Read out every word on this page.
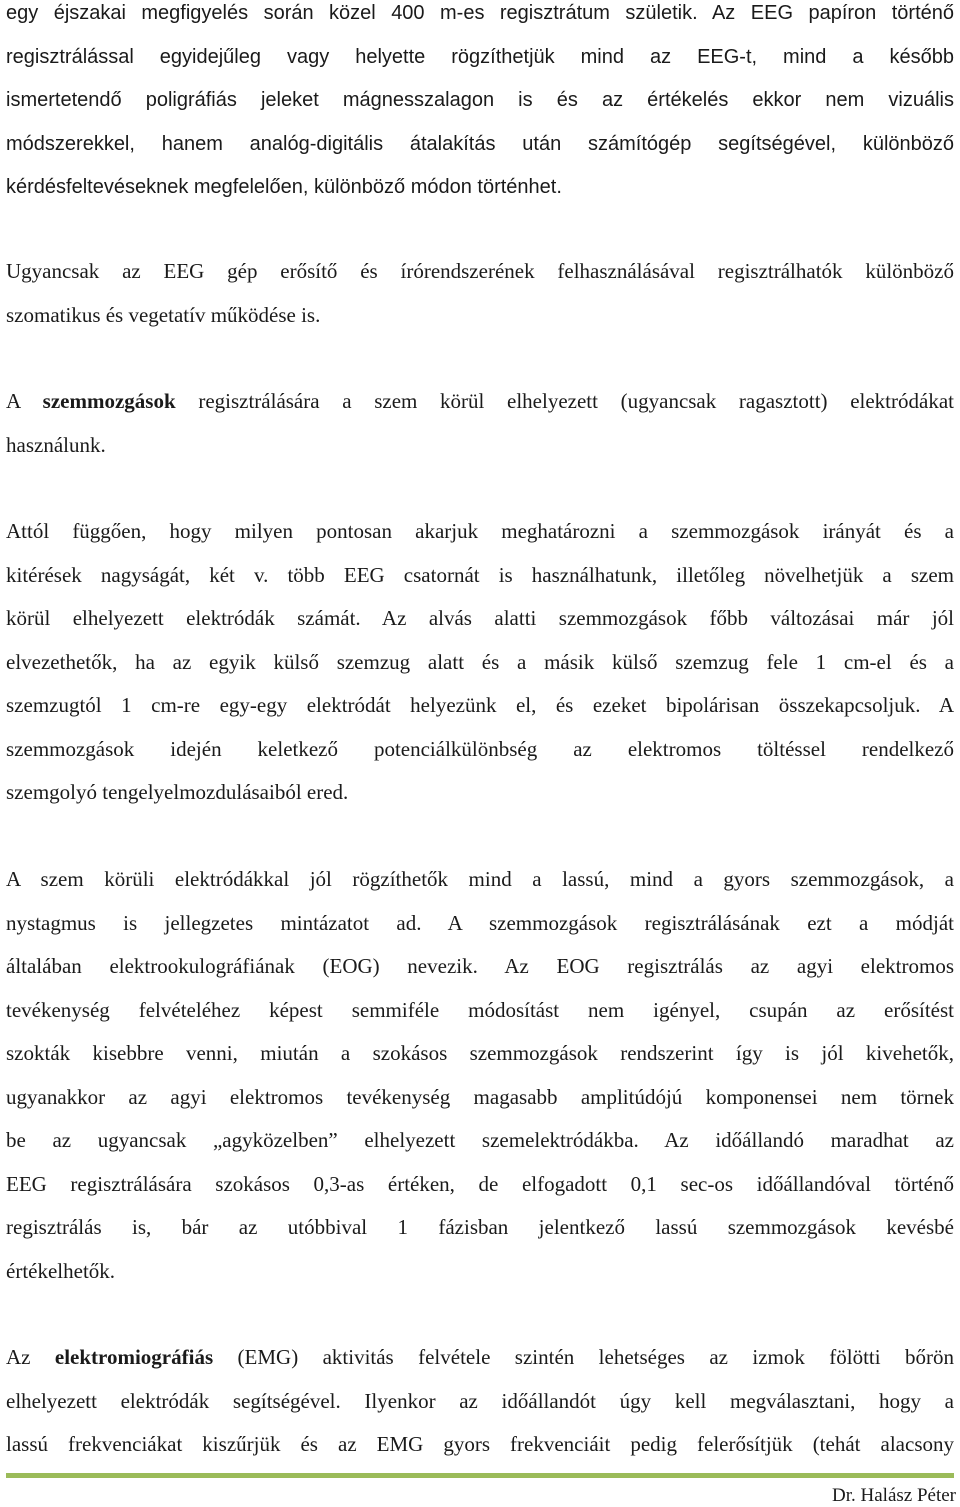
egy éjszakai megfigyelés során közel 400 m-es regisztrátum születik. Az EEG papíron történő
regisztrálással egyidejűleg vagy helyette rögzíthetjük mind az EEG-t, mind a később
ismertetendő poligráfiás jeleket mágnesszalagon is és az értékelés ekkor nem vizuális
módszerekkel, hanem analóg-digitális átalakítás után számítógép segítségével, különböző
kérdésfeltevéseknek megfelelően, különböző módon történhet.

Ugyancsak az EEG gép erősítő és írórendszerének felhasználásával regisztrálhatók különböző
szomatikus és vegetatív működése is.

A szemmozgások regisztrálására a szem körül elhelyezett (ugyancsak ragasztott) elektródákat
használunk.

Attól függően, hogy milyen pontosan akarjuk meghatározni a szemmozgások irányát és a
kitérések nagyságát, két v. több EEG csatornát is használhatunk, illetőleg növelhetjük a szem
körül elhelyezett elektródák számát. Az alvás alatti szemmozgások főbb változásai már jól
elvezethetők, ha az egyik külső szemzug alatt és a másik külső szemzug fele 1 cm-el és a
szemzugtól 1 cm-re egy-egy elektródát helyezünk el, és ezeket bipolárisan összekapcsoljuk. A
szemmozgások idején keletkező potenciálkülönbség az elektromos töltéssel rendelkező
szemgolyó tengelyelmozdulásaiból ered.

A szem körüli elektródákkal jól rögzíthetők mind a lassú, mind a gyors szemmozgások, a
nystagmus is jellegzetes mintázatot ad. A szemmozgások regisztrálásának ezt a módját
általában elektrookulográfiának (EOG) nevezik. Az EOG regisztrálás az agyi elektromos
tevékenység felvételéhez képest semmiféle módosítást nem igényel, csupán az erősítést
szokták kisebbre venni, miután a szokásos szemmozgások rendszerint így is jól kivehetők,
ugyanakkor az agyi elektromos tevékenység magasabb amplitúdójú komponensei nem törnek
be az ugyancsak „agyközelben” elhelyezett szemelektródákba. Az időállandó maradhat az
EEG regisztrálására szokásos 0,3-as értéken, de elfogadott 0,1 sec-os időállandóval történő
regisztrálás is, bár az utóbbival 1 fázisban jelentkező lassú szemmozgások kevésbé
értékelhetők.

Az elektromiográfiás (EMG) aktivitás felvétele szintén lehetséges az izmok fölötti bőrön
elhelyezett elektródák segítségével. Ilyenkor az időállandót úgy kell megválasztani, hogy a
lassú frekvenciákat kiszűrjük és az EMG gyors frekvenciáit pedig felerősítjük (tehát alacsony

Dr. Halász Péter
